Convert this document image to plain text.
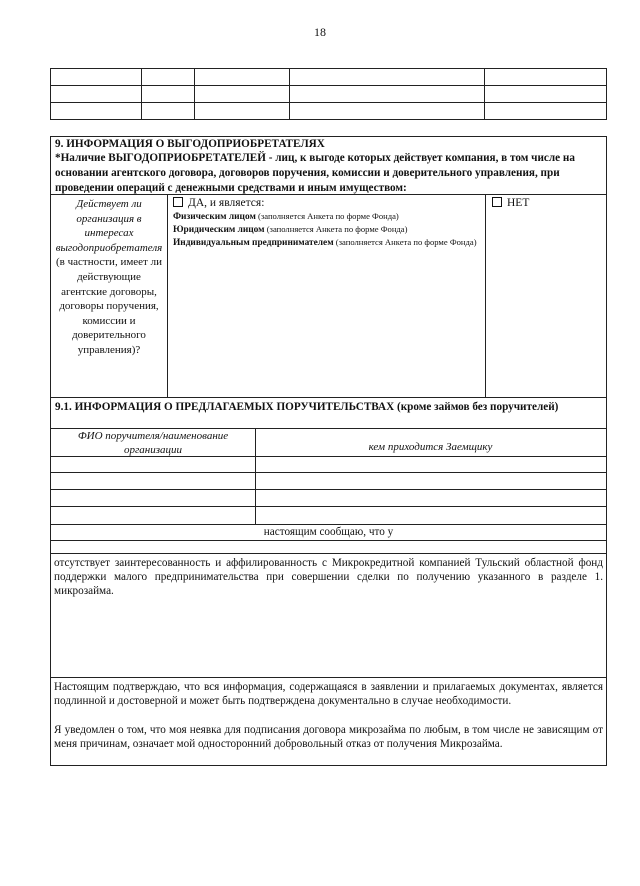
18

9. ИНФОРМАЦИЯ О ВЫГОДОПРИОБРЕТАТЕЛЯХ
*Наличие ВЫГОДОПРИОБРЕТАТЕЛЕЙ - лиц, к выгоде которых действует компания, в том числе на основании агентского договора, договоров поручения, комиссии и доверительного управления, при проведении операций с денежными средствами и иным имуществом:
Действует ли организация в интересах выгодоприобретателя
(в частности, имеет ли действующие агентские договоры, договоры поручения, комиссии и доверительного управления)?
ДА, и является:
Физическим лицом (заполняется Анкета по форме Фонда)
Юридическим лицом (заполняется Анкета по форме Фонда)
Индивидуальным предпринимателем (заполняется Анкета по форме Фонда)
НЕТ
9.1. ИНФОРМАЦИЯ О ПРЕДЛАГАЕМЫХ ПОРУЧИТЕЛЬСТВАХ (кроме займов без поручителей)
ФИО поручителя/наименование организации	кем приходится Заемщику
настоящим сообщаю, что у
отсутствует заинтересованность и аффилированность с Микрокредитной компанией Тульский областной фонд поддержки малого предпринимательства при совершении сделки по получению указанного в разделе 1. микрозайма.
Настоящим подтверждаю, что вся информация, содержащаяся в заявлении и прилагаемых документах, является подлинной и достоверной и может быть подтверждена документально в случае необходимости.
Я уведомлен о том, что моя неявка для подписания договора микрозайма по любым, в том числе не зависящим от меня причинам, означает мой односторонний добровольный отказ от получения Микрозайма.
